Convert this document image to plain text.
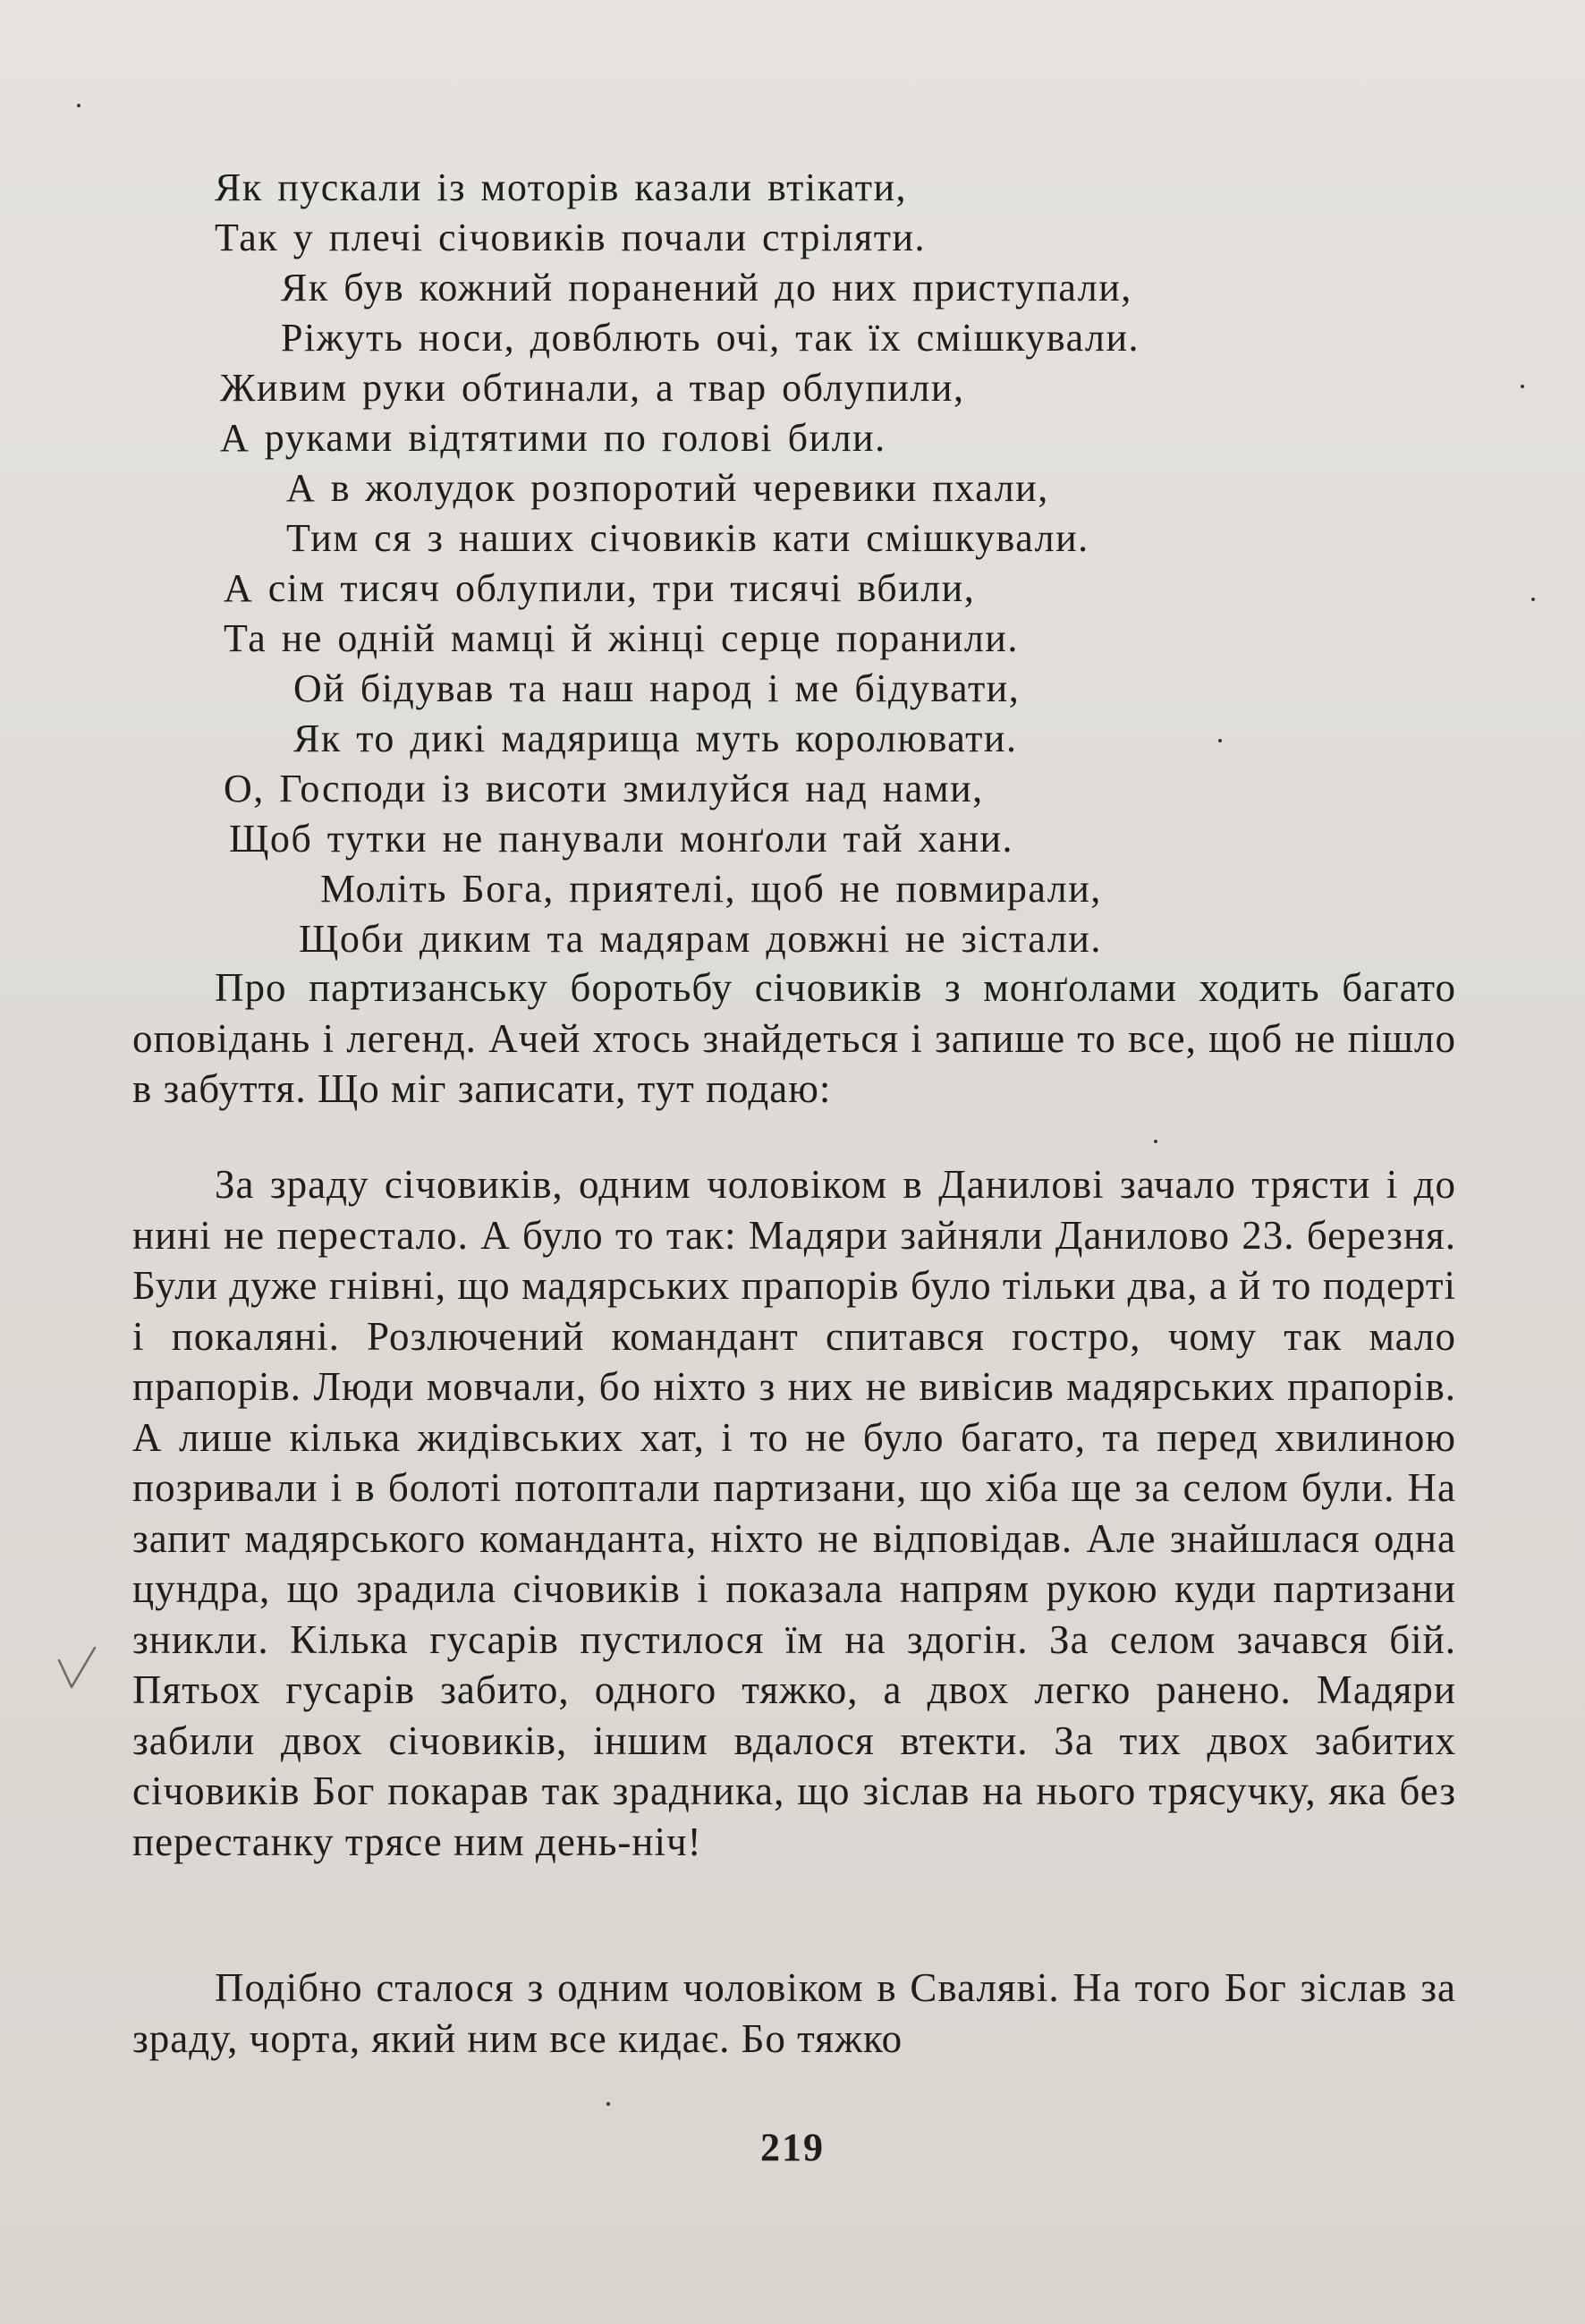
Як пускали із моторів казали втікати,
Так у плечі січовиків почали стріляти.
Як був кожний поранений до них приступали,
Ріжуть носи, довблють очі, так їх смішкували.
Живим руки обтинали, а твар облупили,
А руками відтятими по голові били.
А в жолудок розпоротий черевики пхали,
Тим ся з наших січовиків кати смішкували.
А сім тисяч облупили, три тисячі вбили,
Та не одній мамці й жінці серце поранили.
Ой бідував та наш народ і ме бідувати,
Як то дикі мадярища муть королювати.
О, Господи із висоти змилуйся над нами,
Щоб тутки не панували монґоли тай хани.
Моліть Бога, приятелі, щоб не повмирали,
Щоби диким та мадярам довжні не зістали.

Про партизанську боротьбу січовиків з монґолами ходить багато оповідань і легенд. Ачей хтось знайдеться і запише то все, щоб не пішло в забуття. Що міг записати, тут подаю:

За зраду січовиків, одним чоловіком в Данилові зачало трясти і до нині не перестало. А було то так: Мадяри зайняли Данилово 23. березня. Були дуже гнівні, що мадярських прапорів було тільки два, а й то подерті і покаляні. Розлючений командант спитався гостро, чому так мало прапорів. Люди мовчали, бо ніхто з них не вивісив мадярських прапорів. А лише кілька жидівських хат, і то не було багато, та перед хвилиною позривали і в болоті потоптали партизани, що хіба ще за селом були. На запит мадярського команданта, ніхто не відповідав. Але знайшлася одна цундра, що зрадила січовиків і показала напрям рукою куди партизани зникли. Кілька гусарів пустилося їм на здогін. За селом зачався бій. Пятьох гусарів забито, одного тяжко, а двох легко ранено. Мадяри забили двох січовиків, іншим вдалося втекти. За тих двох забитих січовиків Бог покарав так зрадника, що зіслав на нього трясучку, яка без перестанку трясе ним день-ніч!

Подібно сталося з одним чоловіком в Сваляві. На того Бог зіслав за зраду, чорта, який ним все кидає. Бо тяжко

219
